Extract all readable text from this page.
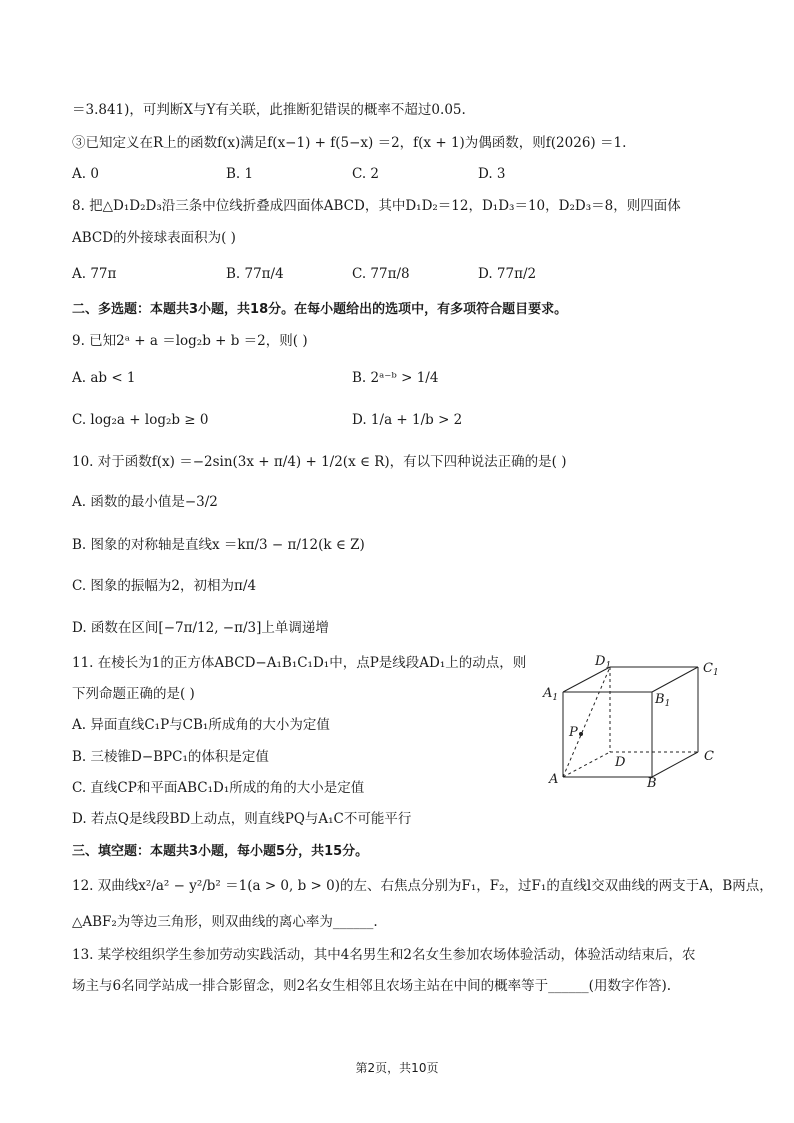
＝3.841)，可判断X与Y有关联，此推断犯错误的概率不超过0.05.
③已知定义在R上的函数f(x)满足f(x−1) + f(5−x) ＝2，f(x + 1)为偶函数，则f(2026) ＝1.
A. 0	B. 1	C. 2	D. 3
8. 把△D₁D₂D₃沿三条中位线折叠成四面体ABCD，其中D₁D₂＝12，D₁D₃＝10，D₂D₃＝8，则四面体
ABCD的外接球表面积为( )
A. 77π	B. 77π/4	C. 77π/8	D. 77π/2
二、多选题：本题共3小题，共18分。在每小题给出的选项中，有多项符合题目要求。
9. 已知2ᵃ + a ＝log₂b + b ＝2，则( )
A. ab < 1	B. 2ᵃ⁻ᵇ > 1/4
C. log₂a + log₂b ≥ 0	D. 1/a + 1/b > 2
10. 对于函数f(x) ＝−2sin(3x + π/4) + 1/2(x ∈ R)，有以下四种说法正确的是( )
A. 函数的最小值是−3/2
B. 图象的对称轴是直线x ＝kπ/3 − π/12(k ∈ Z)
C. 图象的振幅为2，初相为π/4
D. 函数在区间[−7π/12, −π/3]上单调递增
11. 在棱长为1的正方体ABCD−A₁B₁C₁D₁中，点P是线段AD₁上的动点，则
下列命题正确的是( )
A. 异面直线C₁P与CB₁所成角的大小为定值
B. 三棱锥D−BPC₁的体积是定值
C. 直线CP和平面ABC₁D₁所成的角的大小是定值
D. 若点Q是线段BD上动点，则直线PQ与A₁C不可能平行
$D_1$	$C_1$
$A_1$	$B_1$
P
D	C
A	B
三、填空题：本题共3小题，每小题5分，共15分。
12. 双曲线x²/a² − y²/b² ＝1(a > 0, b > 0)的左、右焦点分别为F₁，F₂，过F₁的直线l交双曲线的两支于A，B两点，
△ABF₂为等边三角形，则双曲线的离心率为______.
13. 某学校组织学生参加劳动实践活动，其中4名男生和2名女生参加农场体验活动，体验活动结束后，农
场主与6名同学站成一排合影留念，则2名女生相邻且农场主站在中间的概率等于______(用数字作答).
第2页，共10页
